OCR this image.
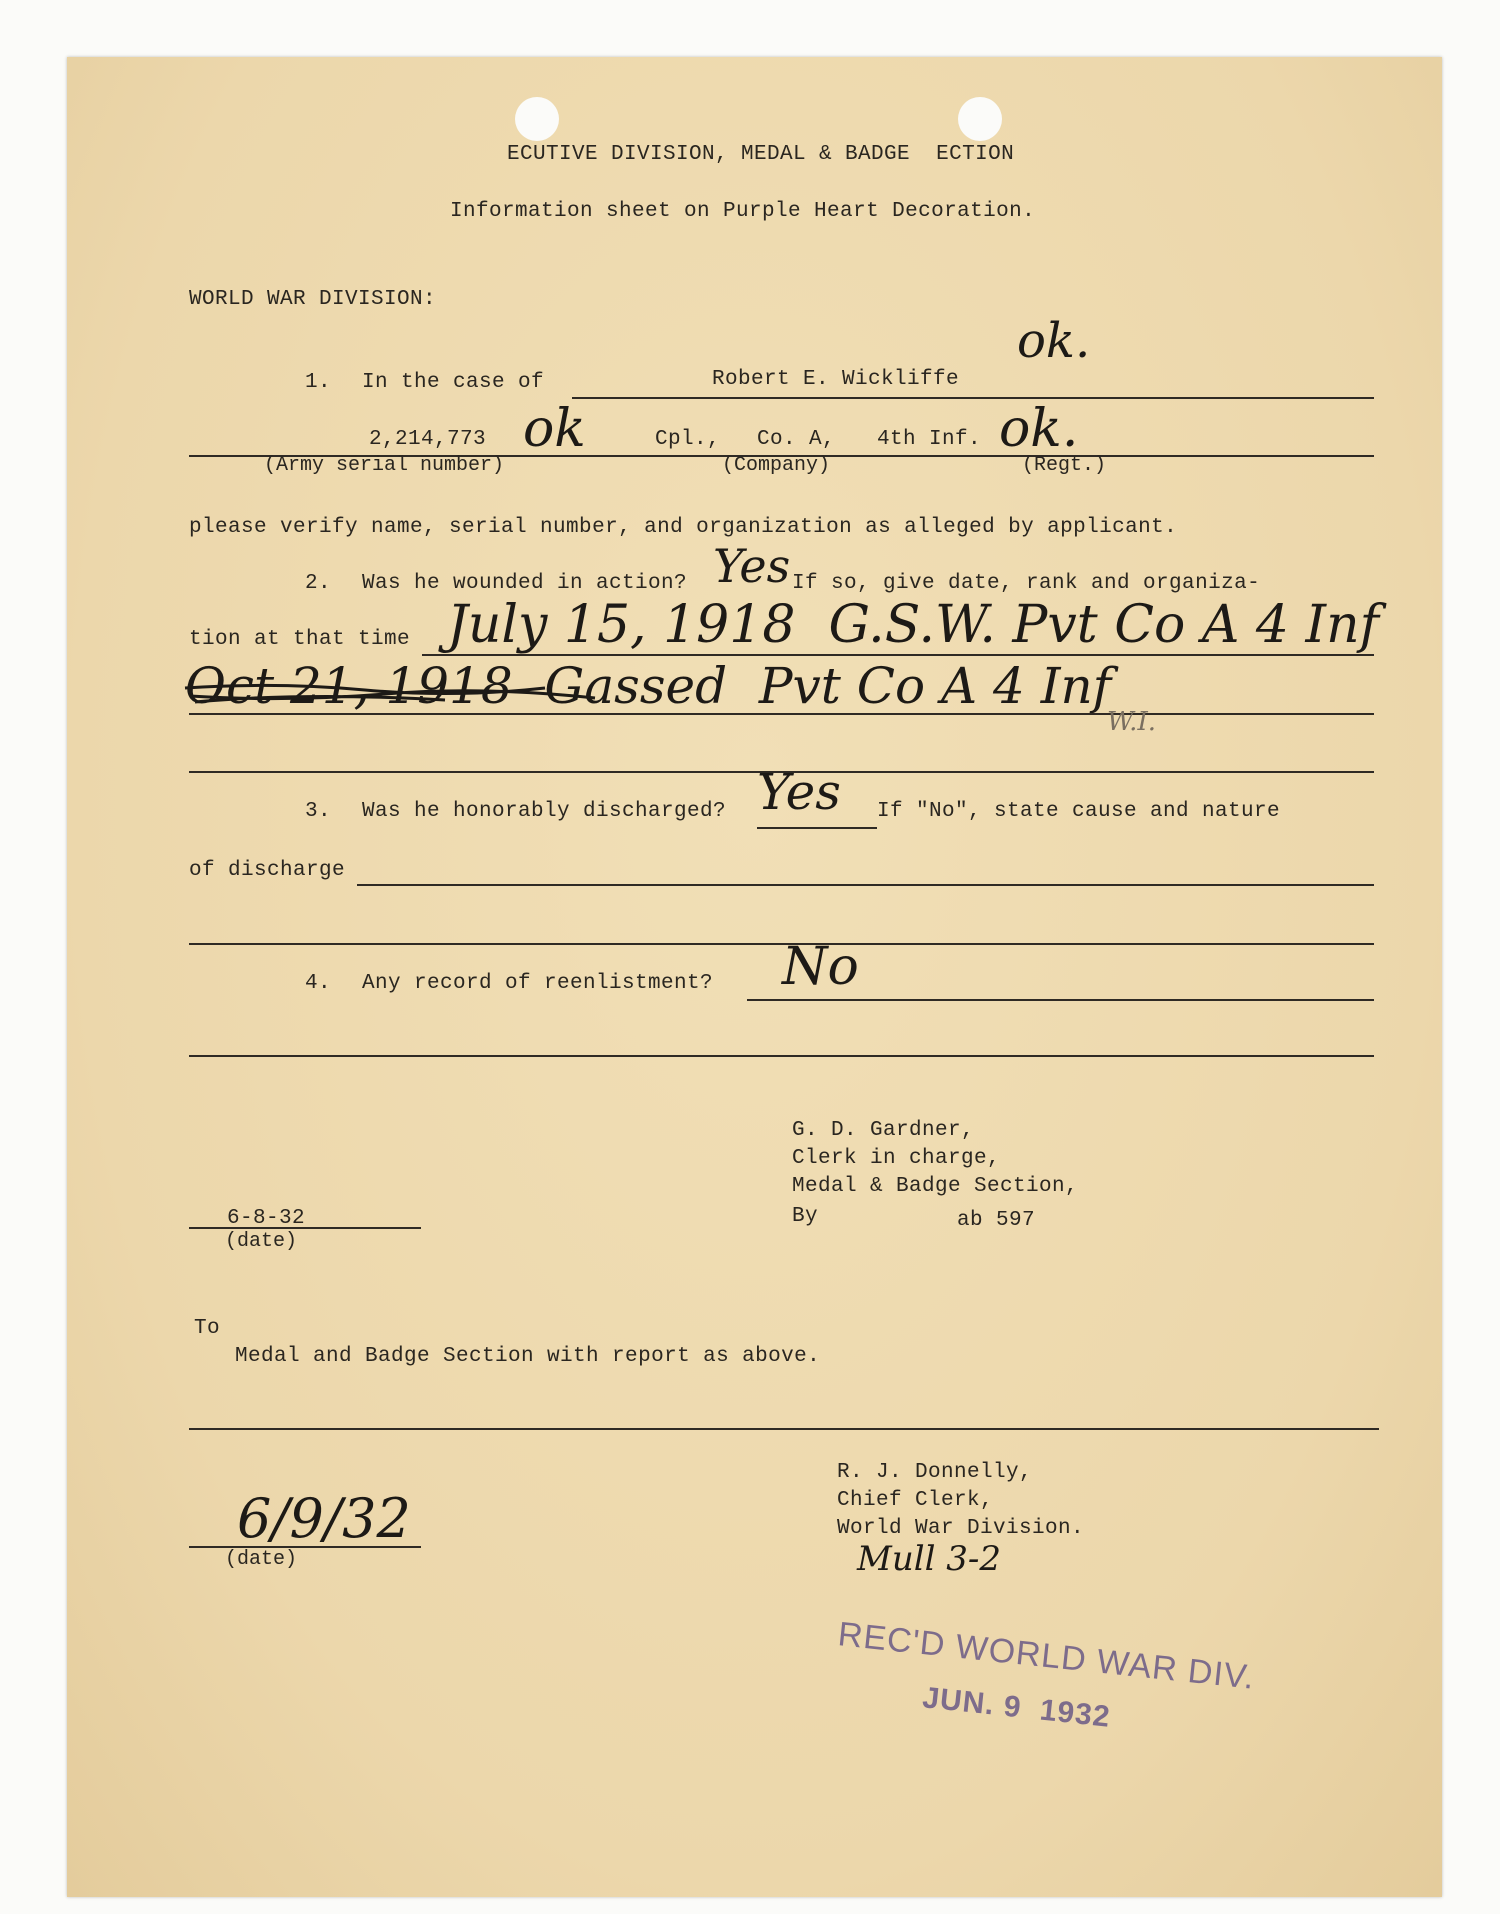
ECUTIVE DIVISION, MEDAL & BADGE  ECTION
Information sheet on Purple Heart Decoration.
WORLD WAR DIVISION:
ok.
1. In the case of	Robert E. Wickliffe
2,214,773 ok	Cpl., Co. A, 4th Inf. ok.
(Army serial number)	(Company)	(Regt.)
please verify name, serial number, and organization as alleged by applicant.
2. Was he wounded in action? Yes If so, give date, rank and organiza-
tion at that time July 15, 1918  G.S.W. Pvt Co A 4 Inf
Oct 21, 1918  Gassed  Pvt Co A 4 Inf
W.I.
3. Was he honorably discharged? Yes If "No", state cause and nature
of discharge
4. Any record of reenlistment? No
G. D. Gardner,
Clerk in charge,
Medal & Badge Section,
By	ab 597
6-8-32
(date)
To
Medal and Badge Section with report as above.
R. J. Donnelly,
Chief Clerk,
World War Division.
Mull 3-2
6/9/32
(date)
REC'D WORLD WAR DIV.
JUN. 9  1932
